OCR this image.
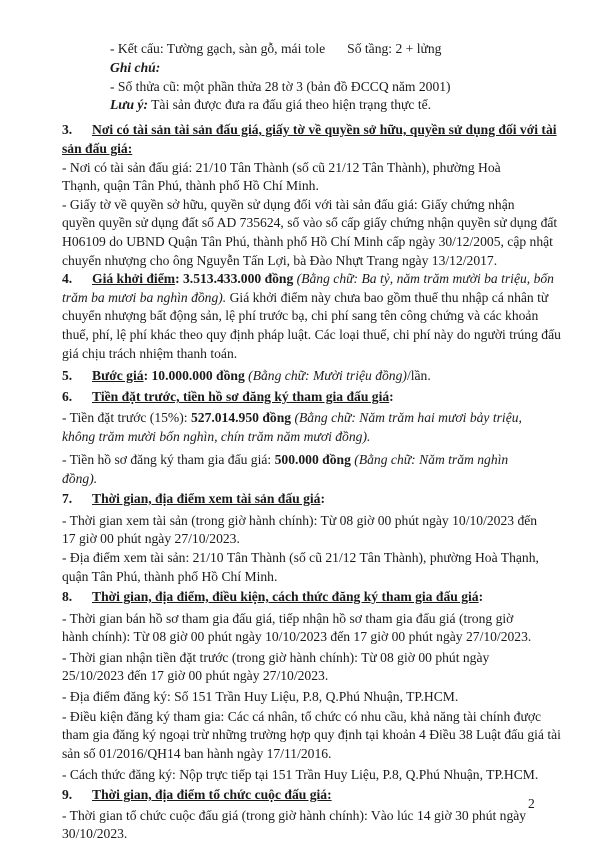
- Kết cấu: Tường gạch, sàn gỗ, mái tole Số tầng: 2 + lửng
Ghi chú:
- Số thửa cũ: một phần thửa 28 tờ 3 (bản đồ ĐCCQ năm 2001)
Lưu ý: Tài sản được đưa ra đấu giá theo hiện trạng thực tế.
3. Nơi có tài sản tài sản đấu giá, giấy tờ về quyền sở hữu, quyền sử dụng đối với tài
sản đấu giá:
- Nơi có tài sản đấu giá: 21/10 Tân Thành (số cũ 21/12 Tân Thành), phường Hoà
Thạnh, quận Tân Phú, thành phố Hồ Chí Minh.
- Giấy tờ về quyền sở hữu, quyền sử dụng đối với tài sản đấu giá: Giấy chứng nhận
quyền quyền sử dụng đất số AD 735624, số vào sổ cấp giấy chứng nhận quyền sử dụng đất
H06109 do UBND Quận Tân Phú, thành phố Hồ Chí Minh cấp ngày 30/12/2005, cập nhật
chuyển nhượng cho ông Nguyễn Tấn Lợi, bà Đào Nhựt Trang ngày 13/12/2017.
4. Giá khởi điểm: 3.513.433.000 đồng (Bằng chữ: Ba tỷ, năm trăm mười ba triệu, bốn
trăm ba mươi ba nghìn đồng). Giá khởi điểm này chưa bao gồm thuế thu nhập cá nhân từ
chuyển nhượng bất động sản, lệ phí trước bạ, chi phí sang tên công chứng và các khoản
thuế, phí, lệ phí khác theo quy định pháp luật. Các loại thuế, chi phí này do người trúng đấu
giá chịu trách nhiệm thanh toán.
5. Bước giá: 10.000.000 đồng (Bằng chữ: Mười triệu đồng)/lần.
6. Tiền đặt trước, tiền hồ sơ đăng ký tham gia đấu giá:
- Tiền đặt trước (15%): 527.014.950 đồng (Bằng chữ: Năm trăm hai mươi bảy triệu,
không trăm mười bốn nghìn, chín trăm năm mươi đồng).
- Tiền hồ sơ đăng ký tham gia đấu giá: 500.000 đồng (Bằng chữ: Năm trăm nghìn
đồng).
7. Thời gian, địa điểm xem tài sản đấu giá:
- Thời gian xem tài sản (trong giờ hành chính): Từ 08 giờ 00 phút ngày 10/10/2023 đến
17 giờ 00 phút ngày 27/10/2023.
- Địa điểm xem tài sản: 21/10 Tân Thành (số cũ 21/12 Tân Thành), phường Hoà Thạnh,
quận Tân Phú, thành phố Hồ Chí Minh.
8. Thời gian, địa điểm, điều kiện, cách thức đăng ký tham gia đấu giá:
- Thời gian bán hồ sơ tham gia đấu giá, tiếp nhận hồ sơ tham gia đấu giá (trong giờ
hành chính): Từ 08 giờ 00 phút ngày 10/10/2023 đến 17 giờ 00 phút ngày 27/10/2023.
- Thời gian nhận tiền đặt trước (trong giờ hành chính): Từ 08 giờ 00 phút ngày
25/10/2023 đến 17 giờ 00 phút ngày 27/10/2023.
- Địa điểm đăng ký: Số 151 Trần Huy Liệu, P.8, Q.Phú Nhuận, TP.HCM.
- Điều kiện đăng ký tham gia: Các cá nhân, tổ chức có nhu cầu, khả năng tài chính được
tham gia đăng ký ngoại trừ những trường hợp quy định tại khoản 4 Điều 38 Luật đấu giá tài
sản số 01/2016/QH14 ban hành ngày 17/11/2016.
- Cách thức đăng ký: Nộp trực tiếp tại 151 Trần Huy Liệu, P.8, Q.Phú Nhuận, TP.HCM.
9. Thời gian, địa điểm tổ chức cuộc đấu giá:
- Thời gian tổ chức cuộc đấu giá (trong giờ hành chính): Vào lúc 14 giờ 30 phút ngày
30/10/2023.
2
